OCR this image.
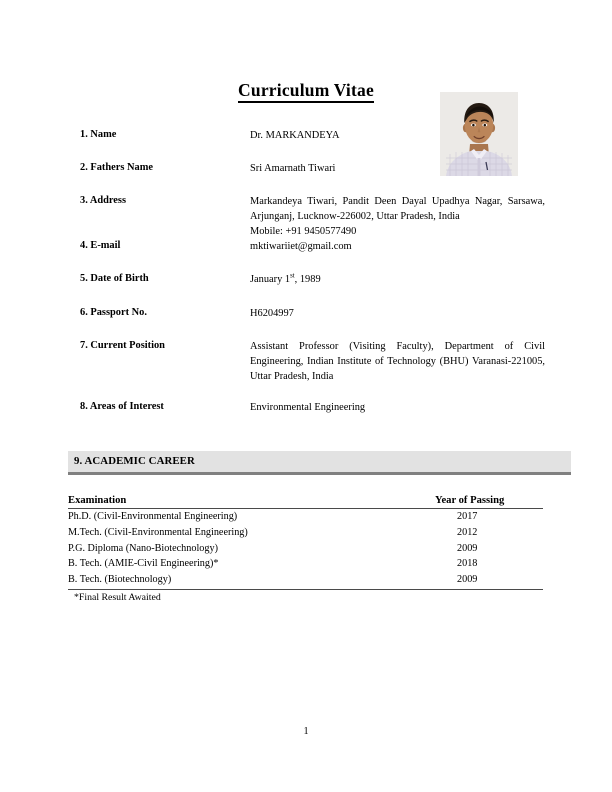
Curriculum Vitae
1. Name	Dr. MARKANDEYA
2. Fathers Name	Sri Amarnath Tiwari
3. Address	Markandeya Tiwari, Pandit Deen Dayal Upadhya Nagar, Sarsawa, Arjunganj, Lucknow-226002, Uttar Pradesh, India
Mobile: +91 9450577490
4. E-mail	mktiwariiet@gmail.com
5. Date of Birth	January 1st, 1989
6. Passport No.	H6204997
7. Current Position	Assistant Professor (Visiting Faculty), Department of Civil Engineering, Indian Institute of Technology (BHU) Varanasi-221005, Uttar Pradesh, India
8. Areas of Interest	Environmental Engineering
9. ACADEMIC CAREER
Examination	Year of Passing
Ph.D. (Civil-Environmental Engineering)	2017
M.Tech. (Civil-Environmental Engineering)	2012
P.G. Diploma (Nano-Biotechnology)	2009
B. Tech. (AMIE-Civil Engineering)*	2018
B. Tech. (Biotechnology)	2009
*Final Result Awaited
1
